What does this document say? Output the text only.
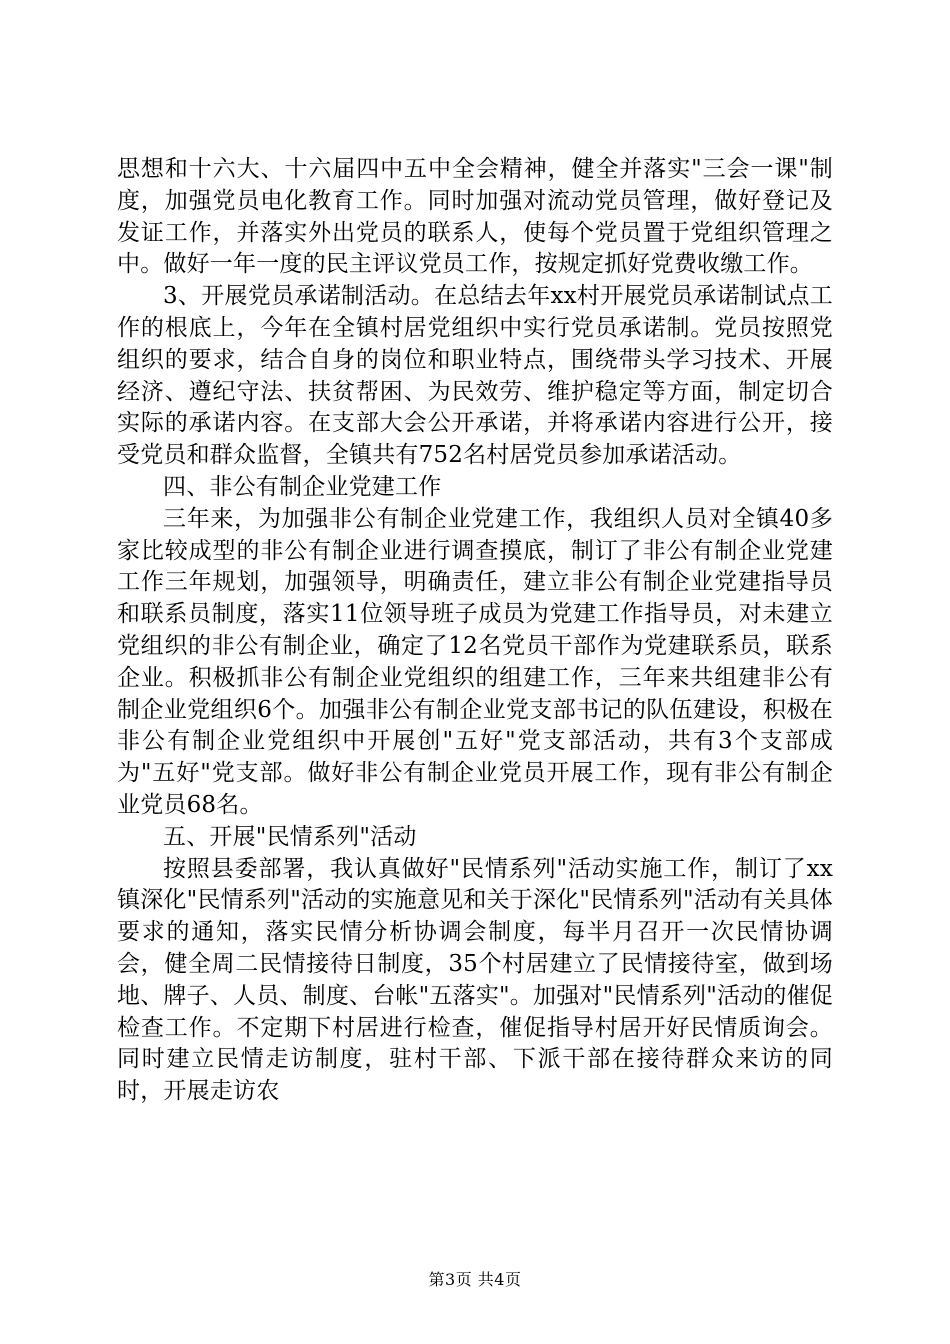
思想和十六大、十六届四中五中全会精神，健全并落实"三会一课"制度，加强党员电化教育工作。同时加强对流动党员管理，做好登记及发证工作，并落实外出党员的联系人，使每个党员置于党组织管理之中。做好一年一度的民主评议党员工作，按规定抓好党费收缴工作。

3、开展党员承诺制活动。在总结去年xx村开展党员承诺制试点工作的根底上，今年在全镇村居党组织中实行党员承诺制。党员按照党组织的要求，结合自身的岗位和职业特点，围绕带头学习技术、开展经济、遵纪守法、扶贫帮困、为民效劳、维护稳定等方面，制定切合实际的承诺内容。在支部大会公开承诺，并将承诺内容进行公开，接受党员和群众监督，全镇共有752名村居党员参加承诺活动。

四、非公有制企业党建工作

三年来，为加强非公有制企业党建工作，我组织人员对全镇40多家比较成型的非公有制企业进行调查摸底，制订了非公有制企业党建工作三年规划，加强领导，明确责任，建立非公有制企业党建指导员和联系员制度，落实11位领导班子成员为党建工作指导员，对未建立党组织的非公有制企业，确定了12名党员干部作为党建联系员，联系企业。积极抓非公有制企业党组织的组建工作，三年来共组建非公有制企业党组织6个。加强非公有制企业党支部书记的队伍建设，积极在非公有制企业党组织中开展创"五好"党支部活动，共有3个支部成为"五好"党支部。做好非公有制企业党员开展工作，现有非公有制企业党员68名。

五、开展"民情系列"活动

按照县委部署，我认真做好"民情系列"活动实施工作，制订了xx镇深化"民情系列"活动的实施意见和关于深化"民情系列"活动有关具体要求的通知，落实民情分析协调会制度，每半月召开一次民情协调会，健全周二民情接待日制度，35个村居建立了民情接待室，做到场地、牌子、人员、制度、台帐"五落实"。加强对"民情系列"活动的催促检查工作。不定期下村居进行检查，催促指导村居开好民情质询会。同时建立民情走访制度，驻村干部、下派干部在接待群众来访的同时，开展走访农

第3页 共4页
